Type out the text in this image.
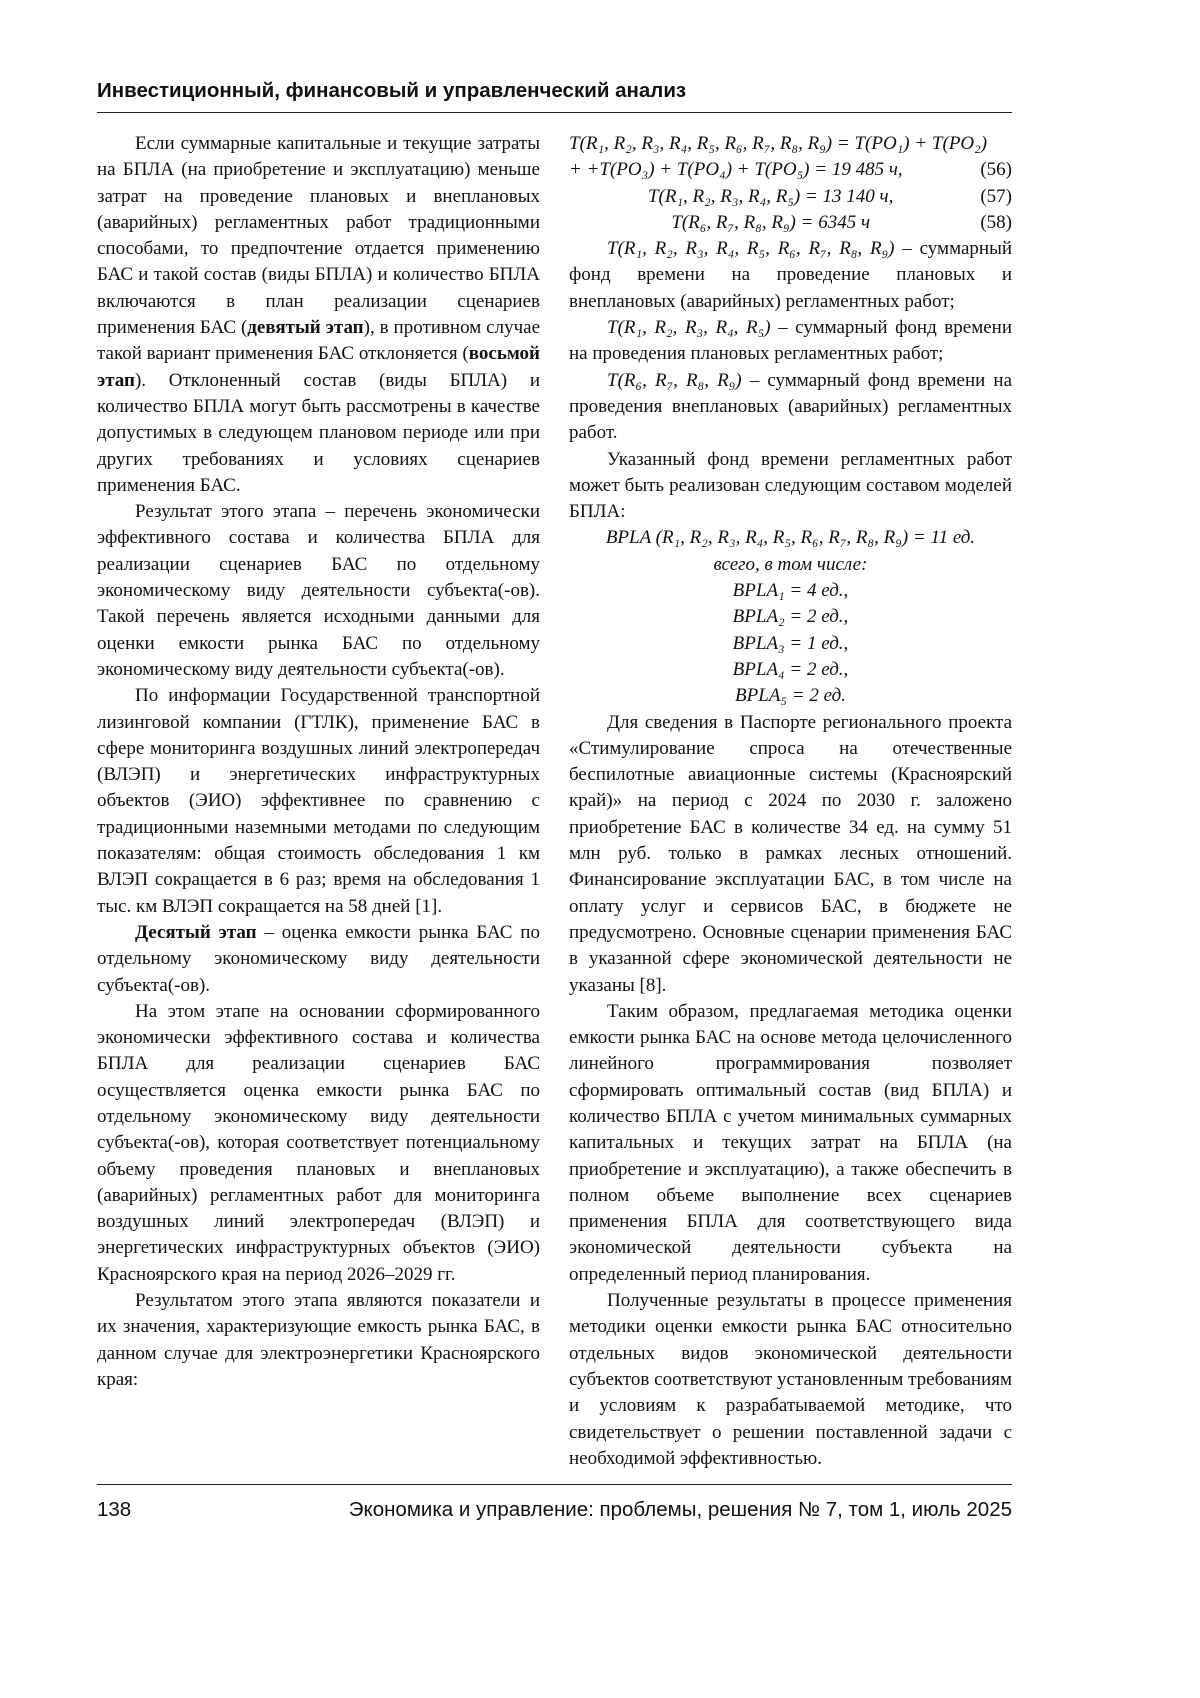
Инвестиционный, финансовый и управленческий анализ

Если суммарные капитальные и текущие затраты на БПЛА (на приобретение и эксплуатацию) меньше затрат на проведение плановых и внеплановых (аварийных) регламентных работ традиционными способами, то предпочтение отдается применению БАС и такой состав (виды БПЛА) и количество БПЛА включаются в план реализации сценариев применения БАС (девятый этап), в противном случае такой вариант применения БАС отклоняется (восьмой этап). Отклоненный состав (виды БПЛА) и количество БПЛА могут быть рассмотрены в качестве допустимых в следующем плановом периоде или при других требованиях и условиях сценариев применения БАС.

Результат этого этапа – перечень экономически эффективного состава и количества БПЛА для реализации сценариев БАС по отдельному экономическому виду деятельности субъекта(-ов). Такой перечень является исходными данными для оценки емкости рынка БАС по отдельному экономическому виду деятельности субъекта(-ов).

По информации Государственной транспортной лизинговой компании (ГТЛК), применение БАС в сфере мониторинга воздушных линий электропередач (ВЛЭП) и энергетических инфраструктурных объектов (ЭИО) эффективнее по сравнению с традиционными наземными методами по следующим показателям: общая стоимость обследования 1 км ВЛЭП сокращается в 6 раз; время на обследования 1 тыс. км ВЛЭП сокращается на 58 дней [1].

Десятый этап – оценка емкости рынка БАС по отдельному экономическому виду деятельности субъекта(-ов).

На этом этапе на основании сформированного экономически эффективного состава и количества БПЛА для реализации сценариев БАС осуществляется оценка емкости рынка БАС по отдельному экономическому виду деятельности субъекта(-ов), которая соответствует потенциальному объему проведения плановых и внеплановых (аварийных) регламентных работ для мониторинга воздушных линий электропередач (ВЛЭП) и энергетических инфраструктурных объектов (ЭИО) Красноярского края на период 2026–2029 гг.

Результатом этого этапа являются показатели и их значения, характеризующие емкость рынка БАС, в данном случае для электроэнергетики Красноярского края:

T(R₁, R₂, R₃, R₄, R₅, R₆, R₇, R₈, R₉) = T(PO₁) + T(PO₂)

+ +T(PO₃) + T(PO₄) + T(PO₅) = 19 485 ч,	(56)

T(R₁, R₂, R₃, R₄, R₅) = 13 140 ч,	(57)

T(R₆, R₇, R₈, R₉) = 6345 ч	(58)

T(R₁, R₂, R₃, R₄, R₅, R₆, R₇, R₈, R₉) – суммарный фонд времени на проведение плановых и внеплановых (аварийных) регламентных работ;

T(R₁, R₂, R₃, R₄, R₅) – суммарный фонд времени на проведения плановых регламентных работ;

T(R₆, R₇, R₈, R₉) – суммарный фонд времени на проведения внеплановых (аварийных) регламентных работ.

Указанный фонд времени регламентных работ может быть реализован следующим составом моделей БПЛА:

BPLA (R₁, R₂, R₃, R₄, R₅, R₆, R₇, R₈, R₉) = 11 ед.

всего, в том числе:

BPLA₁ = 4 ед.,

BPLA₂ = 2 ед.,

BPLA₃ = 1 ед.,

BPLA₄ = 2 ед.,

BPLA₅ = 2 ед.

Для сведения в Паспорте регионального проекта «Стимулирование спроса на отечественные беспилотные авиационные системы (Красноярский край)» на период с 2024 по 2030 г. заложено приобретение БАС в количестве 34 ед. на сумму 51 млн руб. только в рамках лесных отношений. Финансирование эксплуатации БАС, в том числе на оплату услуг и сервисов БАС, в бюджете не предусмотрено. Основные сценарии применения БАС в указанной сфере экономической деятельности не указаны [8].

Таким образом, предлагаемая методика оценки емкости рынка БАС на основе метода целочисленного линейного программирования позволяет сформировать оптимальный состав (вид БПЛА) и количество БПЛА с учетом минимальных суммарных капитальных и текущих затрат на БПЛА (на приобретение и эксплуатацию), а также обеспечить в полном объеме выполнение всех сценариев применения БПЛА для соответствующего вида экономической деятельности субъекта на определенный период планирования.

Полученные результаты в процессе применения методики оценки емкости рынка БАС относительно отдельных видов экономической деятельности субъектов соответствуют установленным требованиям и условиям к разрабатываемой методике, что свидетельствует о решении поставленной задачи с необходимой эффективностью.

138	Экономика и управление: проблемы, решения № 7, том 1, июль 2025
